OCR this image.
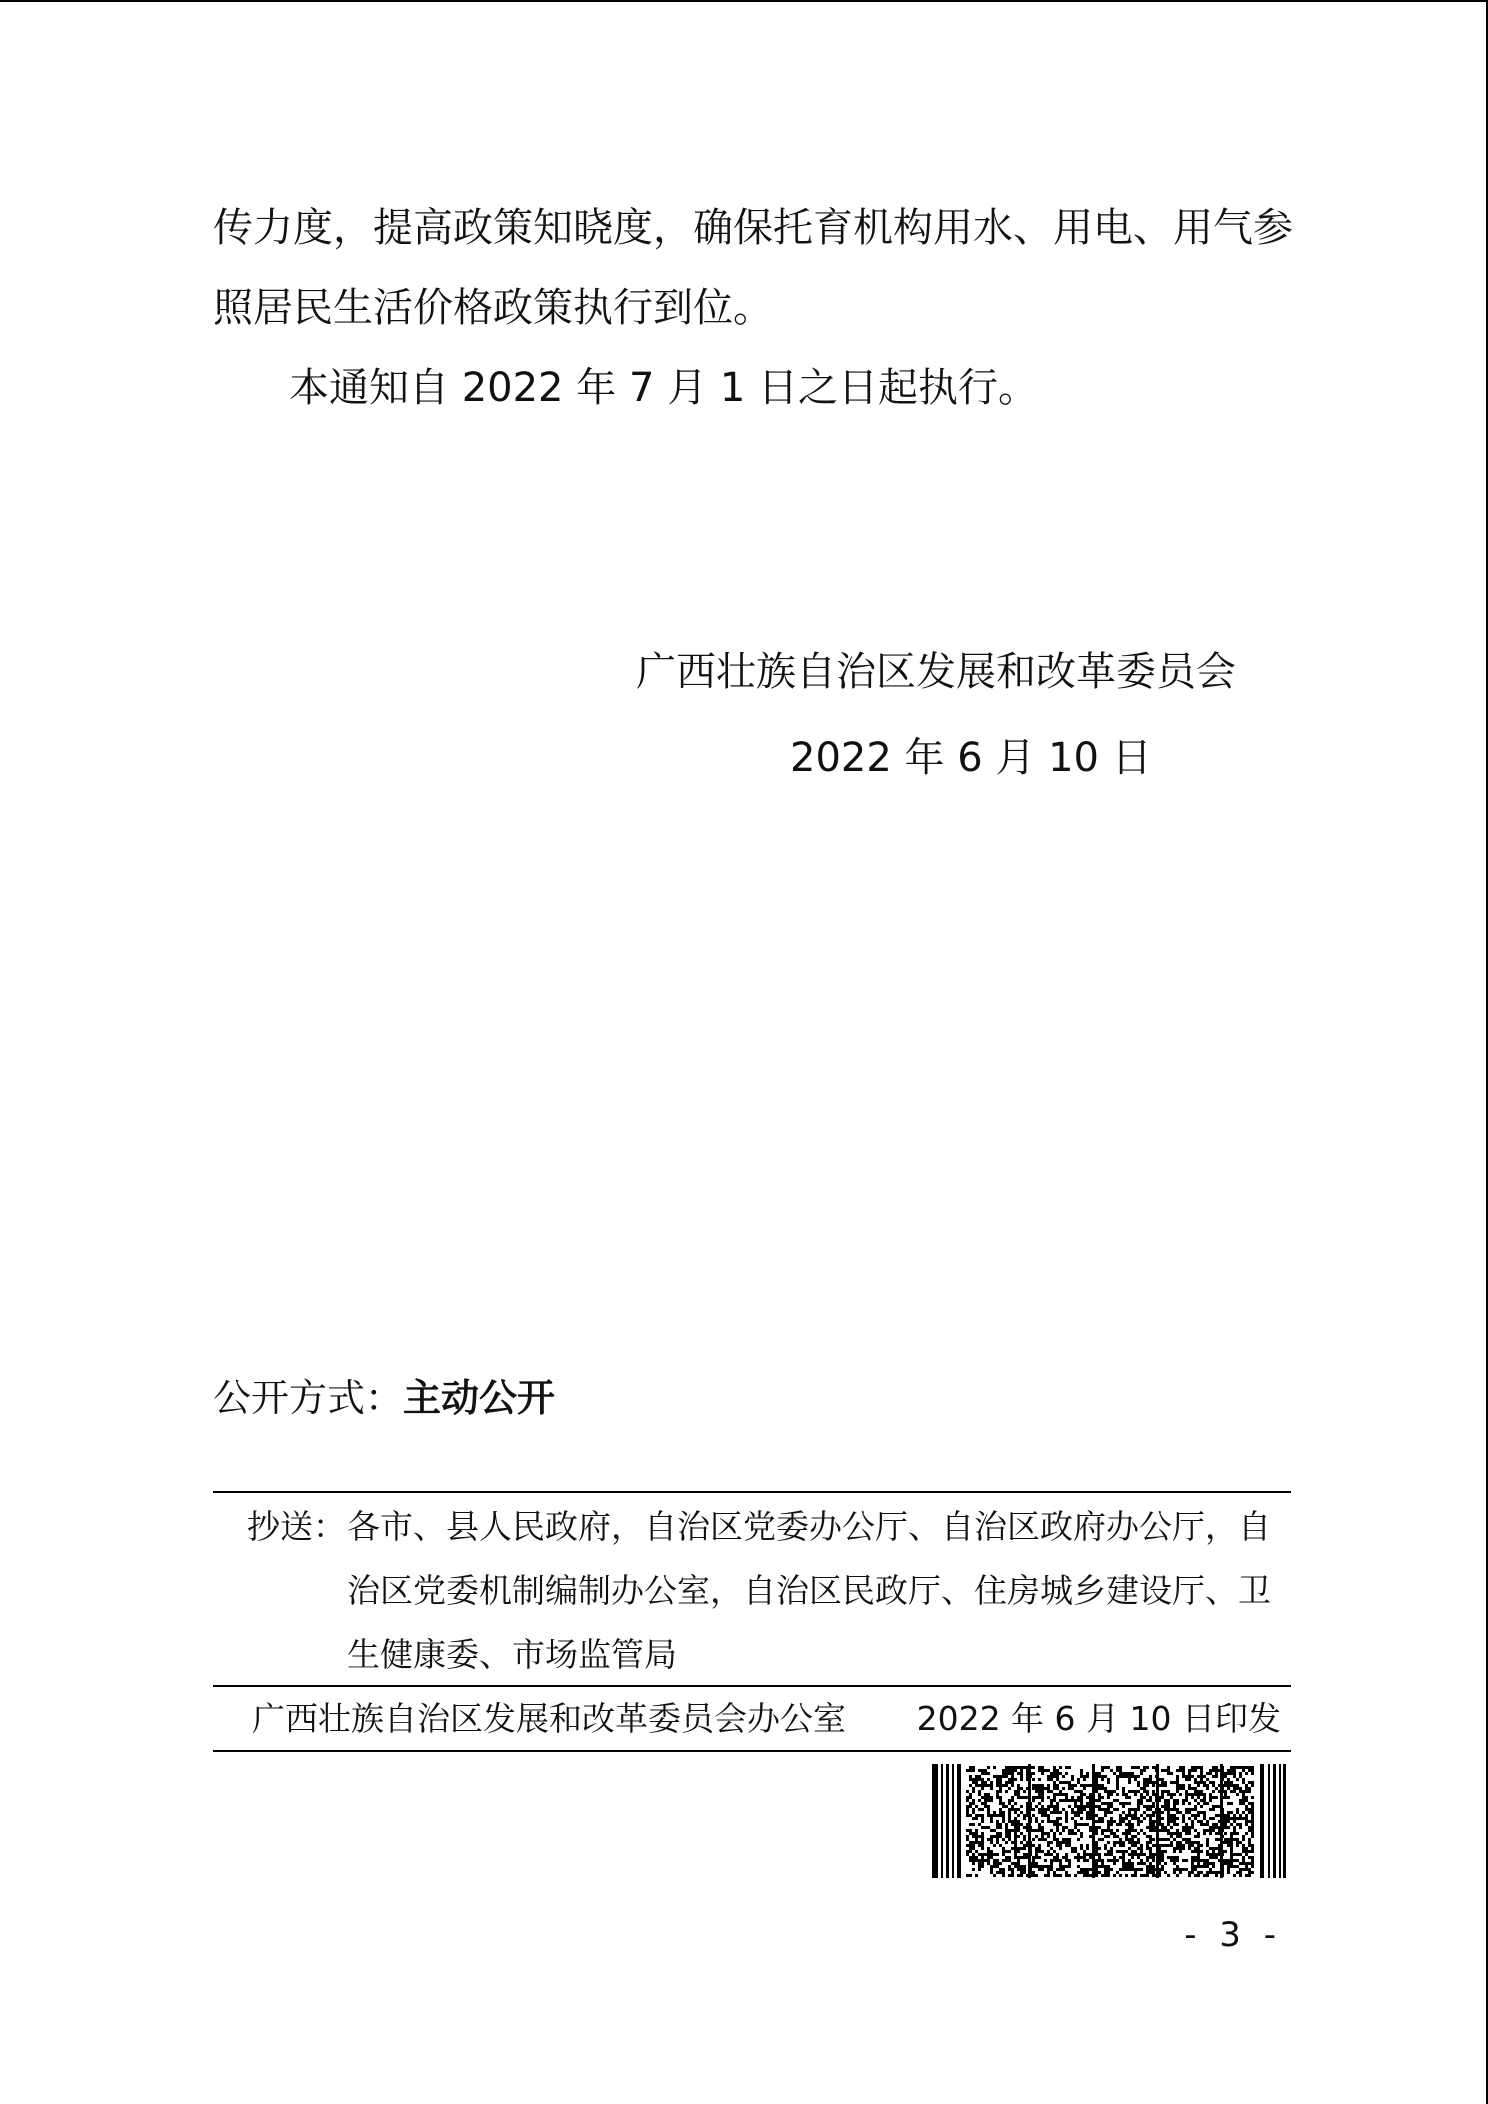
传力度，提高政策知晓度，确保托育机构用水、用电、用气参照居民生活价格政策执行到位。

本通知自 2022 年 7 月 1 日之日起执行。

广西壮族自治区发展和改革委员会
2022 年 6 月 10 日
公开方式：主动公开
抄送： 各市、县人民政府，自治区党委办公厅、自治区政府办公厅，自治区党委机制编制办公室，自治区民政厅、住房城乡建设厅、卫生健康委、市场监管局
广西壮族自治区发展和改革委员会办公室 2022 年 6 月 10 日印发
- 3 -
